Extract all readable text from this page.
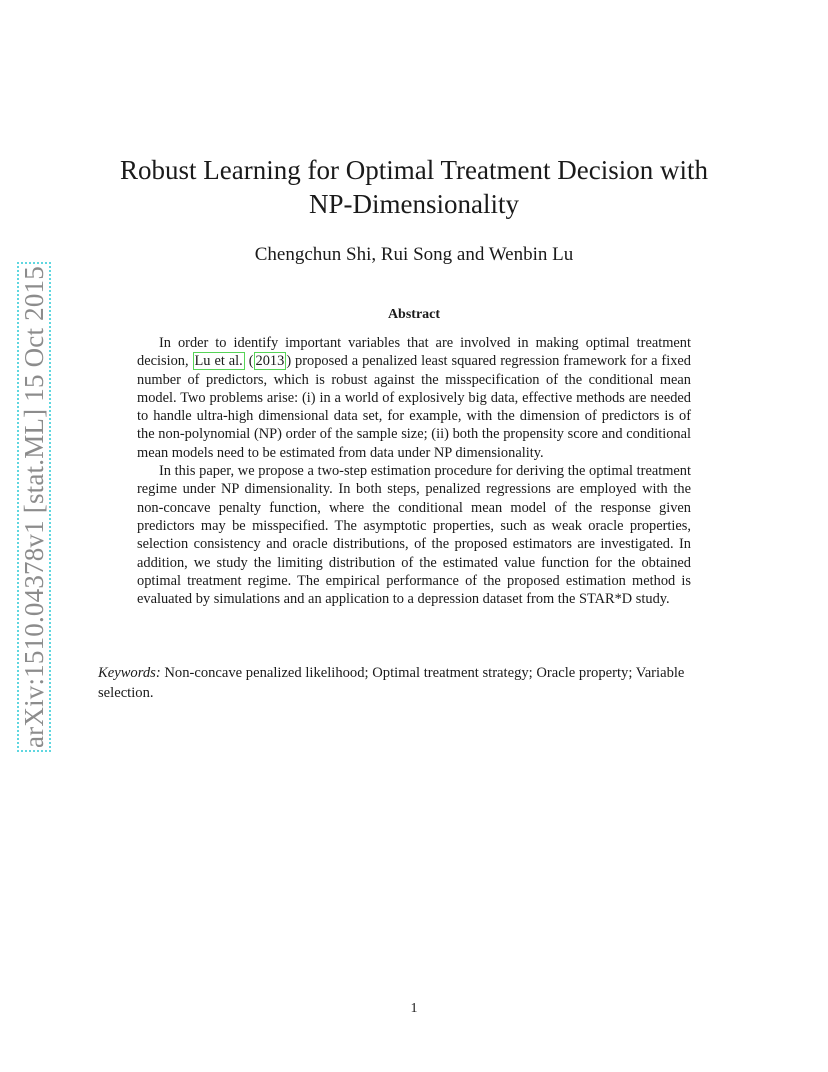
arXiv:1510.04378v1 [stat.ML] 15 Oct 2015
Robust Learning for Optimal Treatment Decision with
NP-Dimensionality
Chengchun Shi, Rui Song and Wenbin Lu
Abstract

In order to identify important variables that are involved in making optimal treatment decision, Lu et al. ( 2013 ) proposed a penalized least squared regression framework for a fixed number of predictors, which is robust against the misspecification of the conditional mean model. Two problems arise: (i) in a world of explosively big data, effective methods are needed to handle ultra-high dimensional data set, for example, with the dimension of predictors is of the non-polynomial (NP) order of the sample size; (ii) both the propensity score and conditional mean models need to be estimated from data under NP dimensionality.

In this paper, we propose a two-step estimation procedure for deriving the optimal treatment regime under NP dimensionality. In both steps, penalized regressions are employed with the non-concave penalty function, where the conditional mean model of the response given predictors may be misspecified. The asymptotic properties, such as weak oracle properties, selection consistency and oracle distributions, of the proposed estimators are investigated. In addition, we study the limiting distribution of the estimated value function for the obtained optimal treatment regime. The empirical performance of the proposed estimation method is evaluated by simulations and an application to a depression dataset from the STAR*D study.

Keywords: Non-concave penalized likelihood; Optimal treatment strategy; Oracle property; Variable selection.
1
